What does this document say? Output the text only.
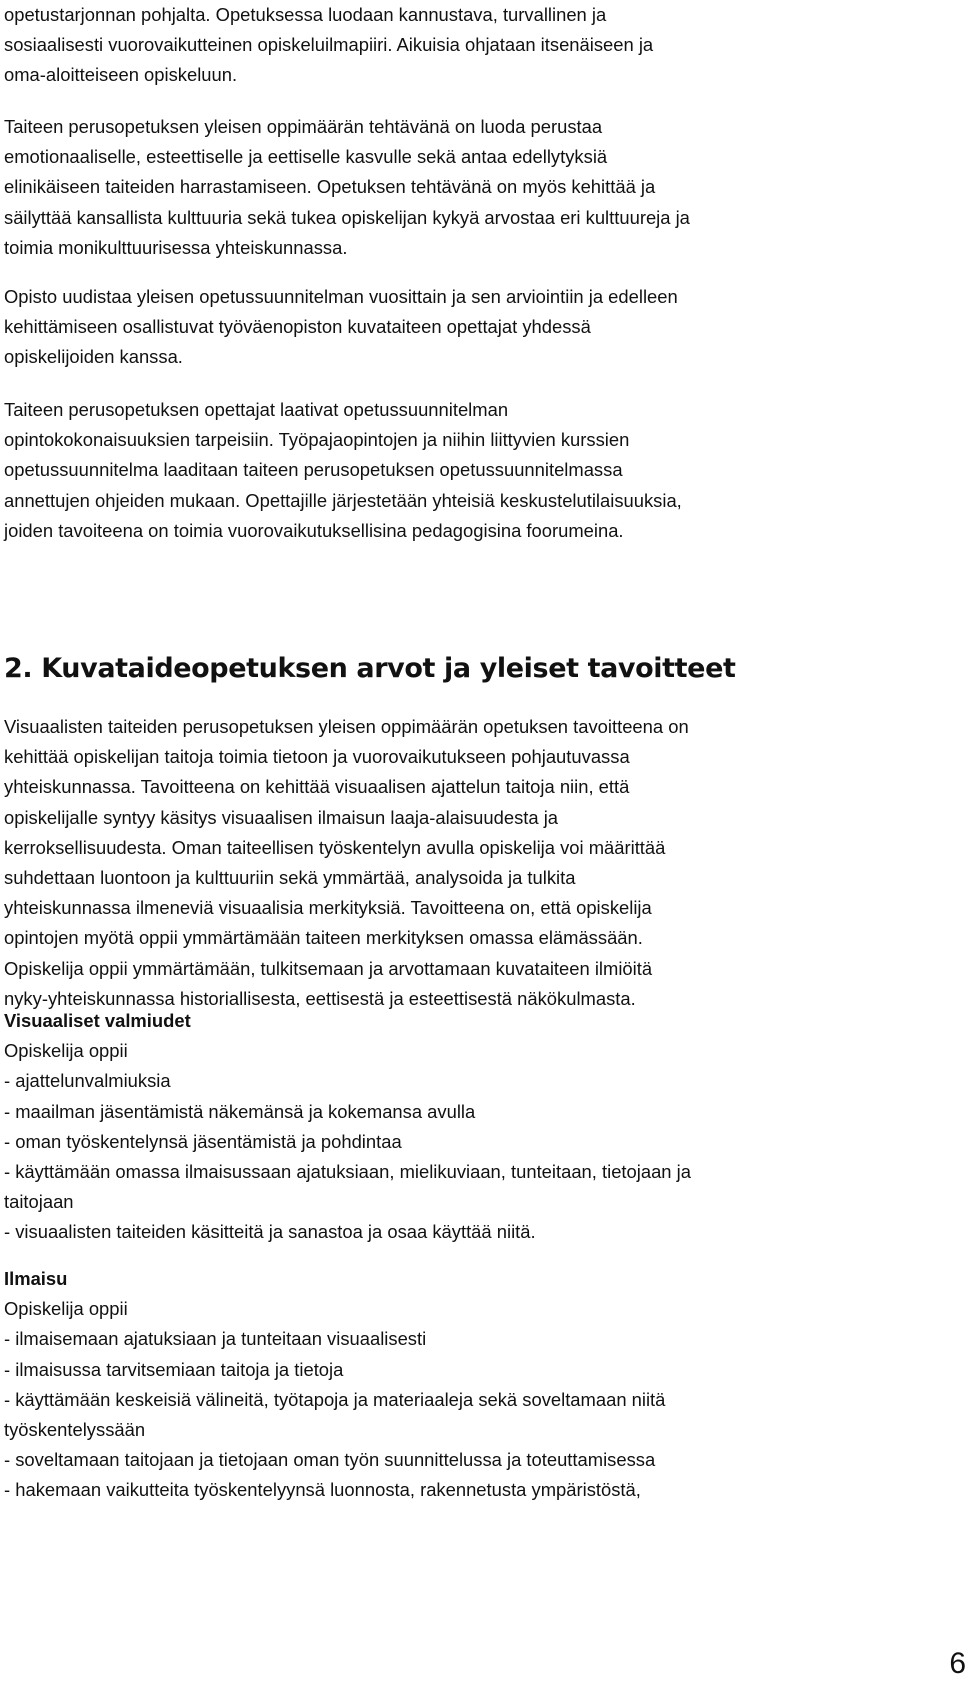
opetustarjonnan pohjalta. Opetuksessa luodaan kannustava, turvallinen ja
sosiaalisesti vuorovaikutteinen opiskeluilmapiiri. Aikuisia ohjataan itsenäiseen ja
oma-aloitteiseen opiskeluun.

Taiteen perusopetuksen yleisen oppimäärän tehtävänä on luoda perustaa
emotionaaliselle, esteettiselle ja eettiselle kasvulle sekä antaa edellytyksiä
elinikäiseen taiteiden harrastamiseen. Opetuksen tehtävänä on myös kehittää ja
säilyttää kansallista kulttuuria sekä tukea opiskelijan kykyä arvostaa eri kulttuureja ja
toimia monikulttuurisessa yhteiskunnassa.

Opisto uudistaa yleisen opetussuunnitelman vuosittain ja sen arviointiin ja edelleen
kehittämiseen osallistuvat työväenopiston kuvataiteen opettajat yhdessä
opiskelijoiden kanssa.

Taiteen perusopetuksen opettajat laativat opetussuunnitelman
opintokokonaisuuksien tarpeisiin. Työpajaopintojen ja niihin liittyvien kurssien
opetussuunnitelma laaditaan taiteen perusopetuksen opetussuunnitelmassa
annettujen ohjeiden mukaan. Opettajille järjestetään yhteisiä keskustelutilaisuuksia,
joiden tavoiteena on toimia vuorovaikutuksellisina pedagogisina foorumeina.

2. Kuvataideopetuksen arvot ja yleiset tavoitteet

Visuaalisten taiteiden perusopetuksen yleisen oppimäärän opetuksen tavoitteena on
kehittää opiskelijan taitoja toimia tietoon ja vuorovaikutukseen pohjautuvassa
yhteiskunnassa. Tavoitteena on kehittää visuaalisen ajattelun taitoja niin, että
opiskelijalle syntyy käsitys visuaalisen ilmaisun laaja-alaisuudesta ja
kerroksellisuudesta. Oman taiteellisen työskentelyn avulla opiskelija voi määrittää
suhdettaan luontoon ja kulttuuriin sekä ymmärtää, analysoida ja tulkita
yhteiskunnassa ilmeneviä visuaalisia merkityksiä. Tavoitteena on, että opiskelija
opintojen myötä oppii ymmärtämään taiteen merkityksen omassa elämässään.
Opiskelija oppii ymmärtämään, tulkitsemaan ja arvottamaan kuvataiteen ilmiöitä
nyky-yhteiskunnassa historiallisesta, eettisestä ja esteettisestä näkökulmasta.

Visuaaliset valmiudet

Opiskelija oppii

- ajattelunvalmiuksia
- maailman jäsentämistä näkemänsä ja kokemansa avulla
- oman työskentelynsä jäsentämistä ja pohdintaa
- käyttämään omassa ilmaisussaan ajatuksiaan, mielikuviaan, tunteitaan, tietojaan ja
taitojaan
- visuaalisten taiteiden käsitteitä ja sanastoa ja osaa käyttää niitä.
Ilmaisu

Opiskelija oppii

- ilmaisemaan ajatuksiaan ja tunteitaan visuaalisesti
- ilmaisussa tarvitsemiaan taitoja ja tietoja
- käyttämään keskeisiä välineitä, työtapoja ja materiaaleja sekä soveltamaan niitä
työskentelyssään
- soveltamaan taitojaan ja tietojaan oman työn suunnittelussa ja toteuttamisessa
- hakemaan vaikutteita työskentelyynsä luonnosta, rakennetusta ympäristöstä,
6
